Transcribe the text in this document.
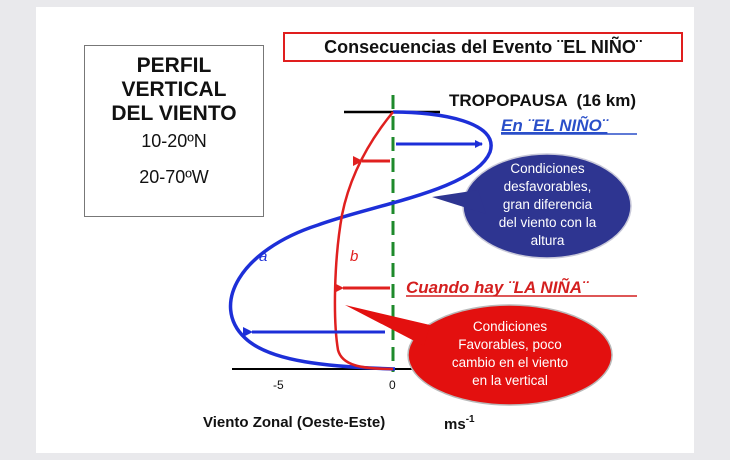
Consecuencias del Evento ¨EL NIÑO¨
PERFIL
VERTICAL
DEL VIENTO
10-20ºN
20-70ºW
a	b
TROPOPAUSA  (16 km)
En ¨EL NIÑO¨
Cuando hay ¨LA NIÑA¨
-5	0
Viento Zonal (Oeste-Este)	$ms^{-1}$
Condiciones
desfavorables,
gran diferencia
del viento con la
altura
Condiciones
Favorables, poco
cambio en el viento
en la vertical
